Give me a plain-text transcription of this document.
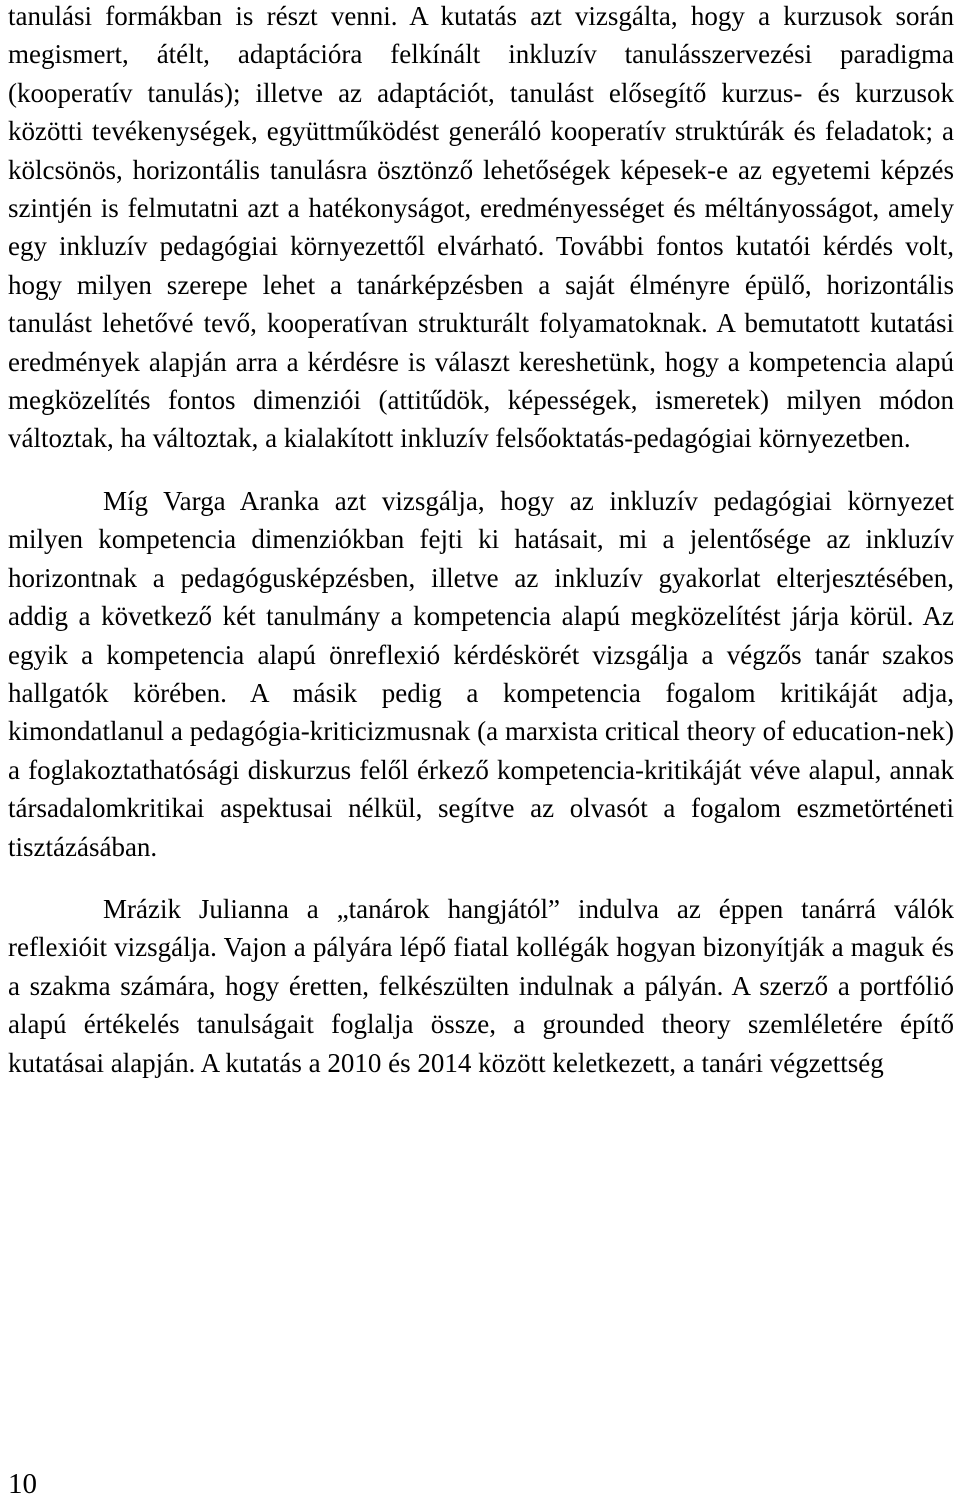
tanulási formákban is részt venni. A kutatás azt vizsgálta, hogy a kurzusok során megismert, átélt, adaptációra felkínált inkluzív tanulásszervezési paradigma (kooperatív tanulás); illetve az adaptációt, tanulást elősegítő kurzus- és kurzusok közötti tevékenységek, együttműködést generáló kooperatív struktúrák és feladatok; a kölcsönös, horizontális tanulásra ösztönző lehetőségek képesek-e az egyetemi képzés szintjén is felmutatni azt a hatékonyságot, eredményességet és méltányosságot, amely egy inkluzív pedagógiai környezettől elvárható. További fontos kutatói kérdés volt, hogy milyen szerepe lehet a tanárképzésben a saját élményre épülő, horizontális tanulást lehetővé tevő, kooperatívan strukturált folyamatoknak. A bemutatott kutatási eredmények alapján arra a kérdésre is választ kereshetünk, hogy a kompetencia alapú megközelítés fontos dimenziói (attitűdök, képességek, ismeretek) milyen módon változtak, ha változtak, a kialakított inkluzív felsőoktatás-pedagógiai környezetben.

Míg Varga Aranka azt vizsgálja, hogy az inkluzív pedagógiai környezet milyen kompetencia dimenziókban fejti ki hatásait, mi a jelentősége az inkluzív horizontnak a pedagógusképzésben, illetve az inkluzív gyakorlat elterjesztésében, addig a következő két tanulmány a kompetencia alapú megközelítést járja körül. Az egyik a kompetencia alapú önreflexió kérdéskörét vizsgálja a végzős tanár szakos hallgatók körében. A másik pedig a kompetencia fogalom kritikáját adja, kimondatlanul a pedagógia-kriticizmusnak (a marxista critical theory of education-nek) a foglakoztathatósági diskurzus felől érkező kompetencia-kritikáját véve alapul, annak társadalomkritikai aspektusai nélkül, segítve az olvasót a fogalom eszmetörténeti tisztázásában.

Mrázik Julianna a „tanárok hangjától” indulva az éppen tanárrá válók reflexióit vizsgálja. Vajon a pályára lépő fiatal kollégák hogyan bizonyítják a maguk és a szakma számára, hogy éretten, felkészülten indulnak a pályán. A szerző a portfólió alapú értékelés tanulságait foglalja össze, a grounded theory szemléletére építő kutatásai alapján. A kutatás a 2010 és 2014 között keletkezett, a tanári végzettség

10
